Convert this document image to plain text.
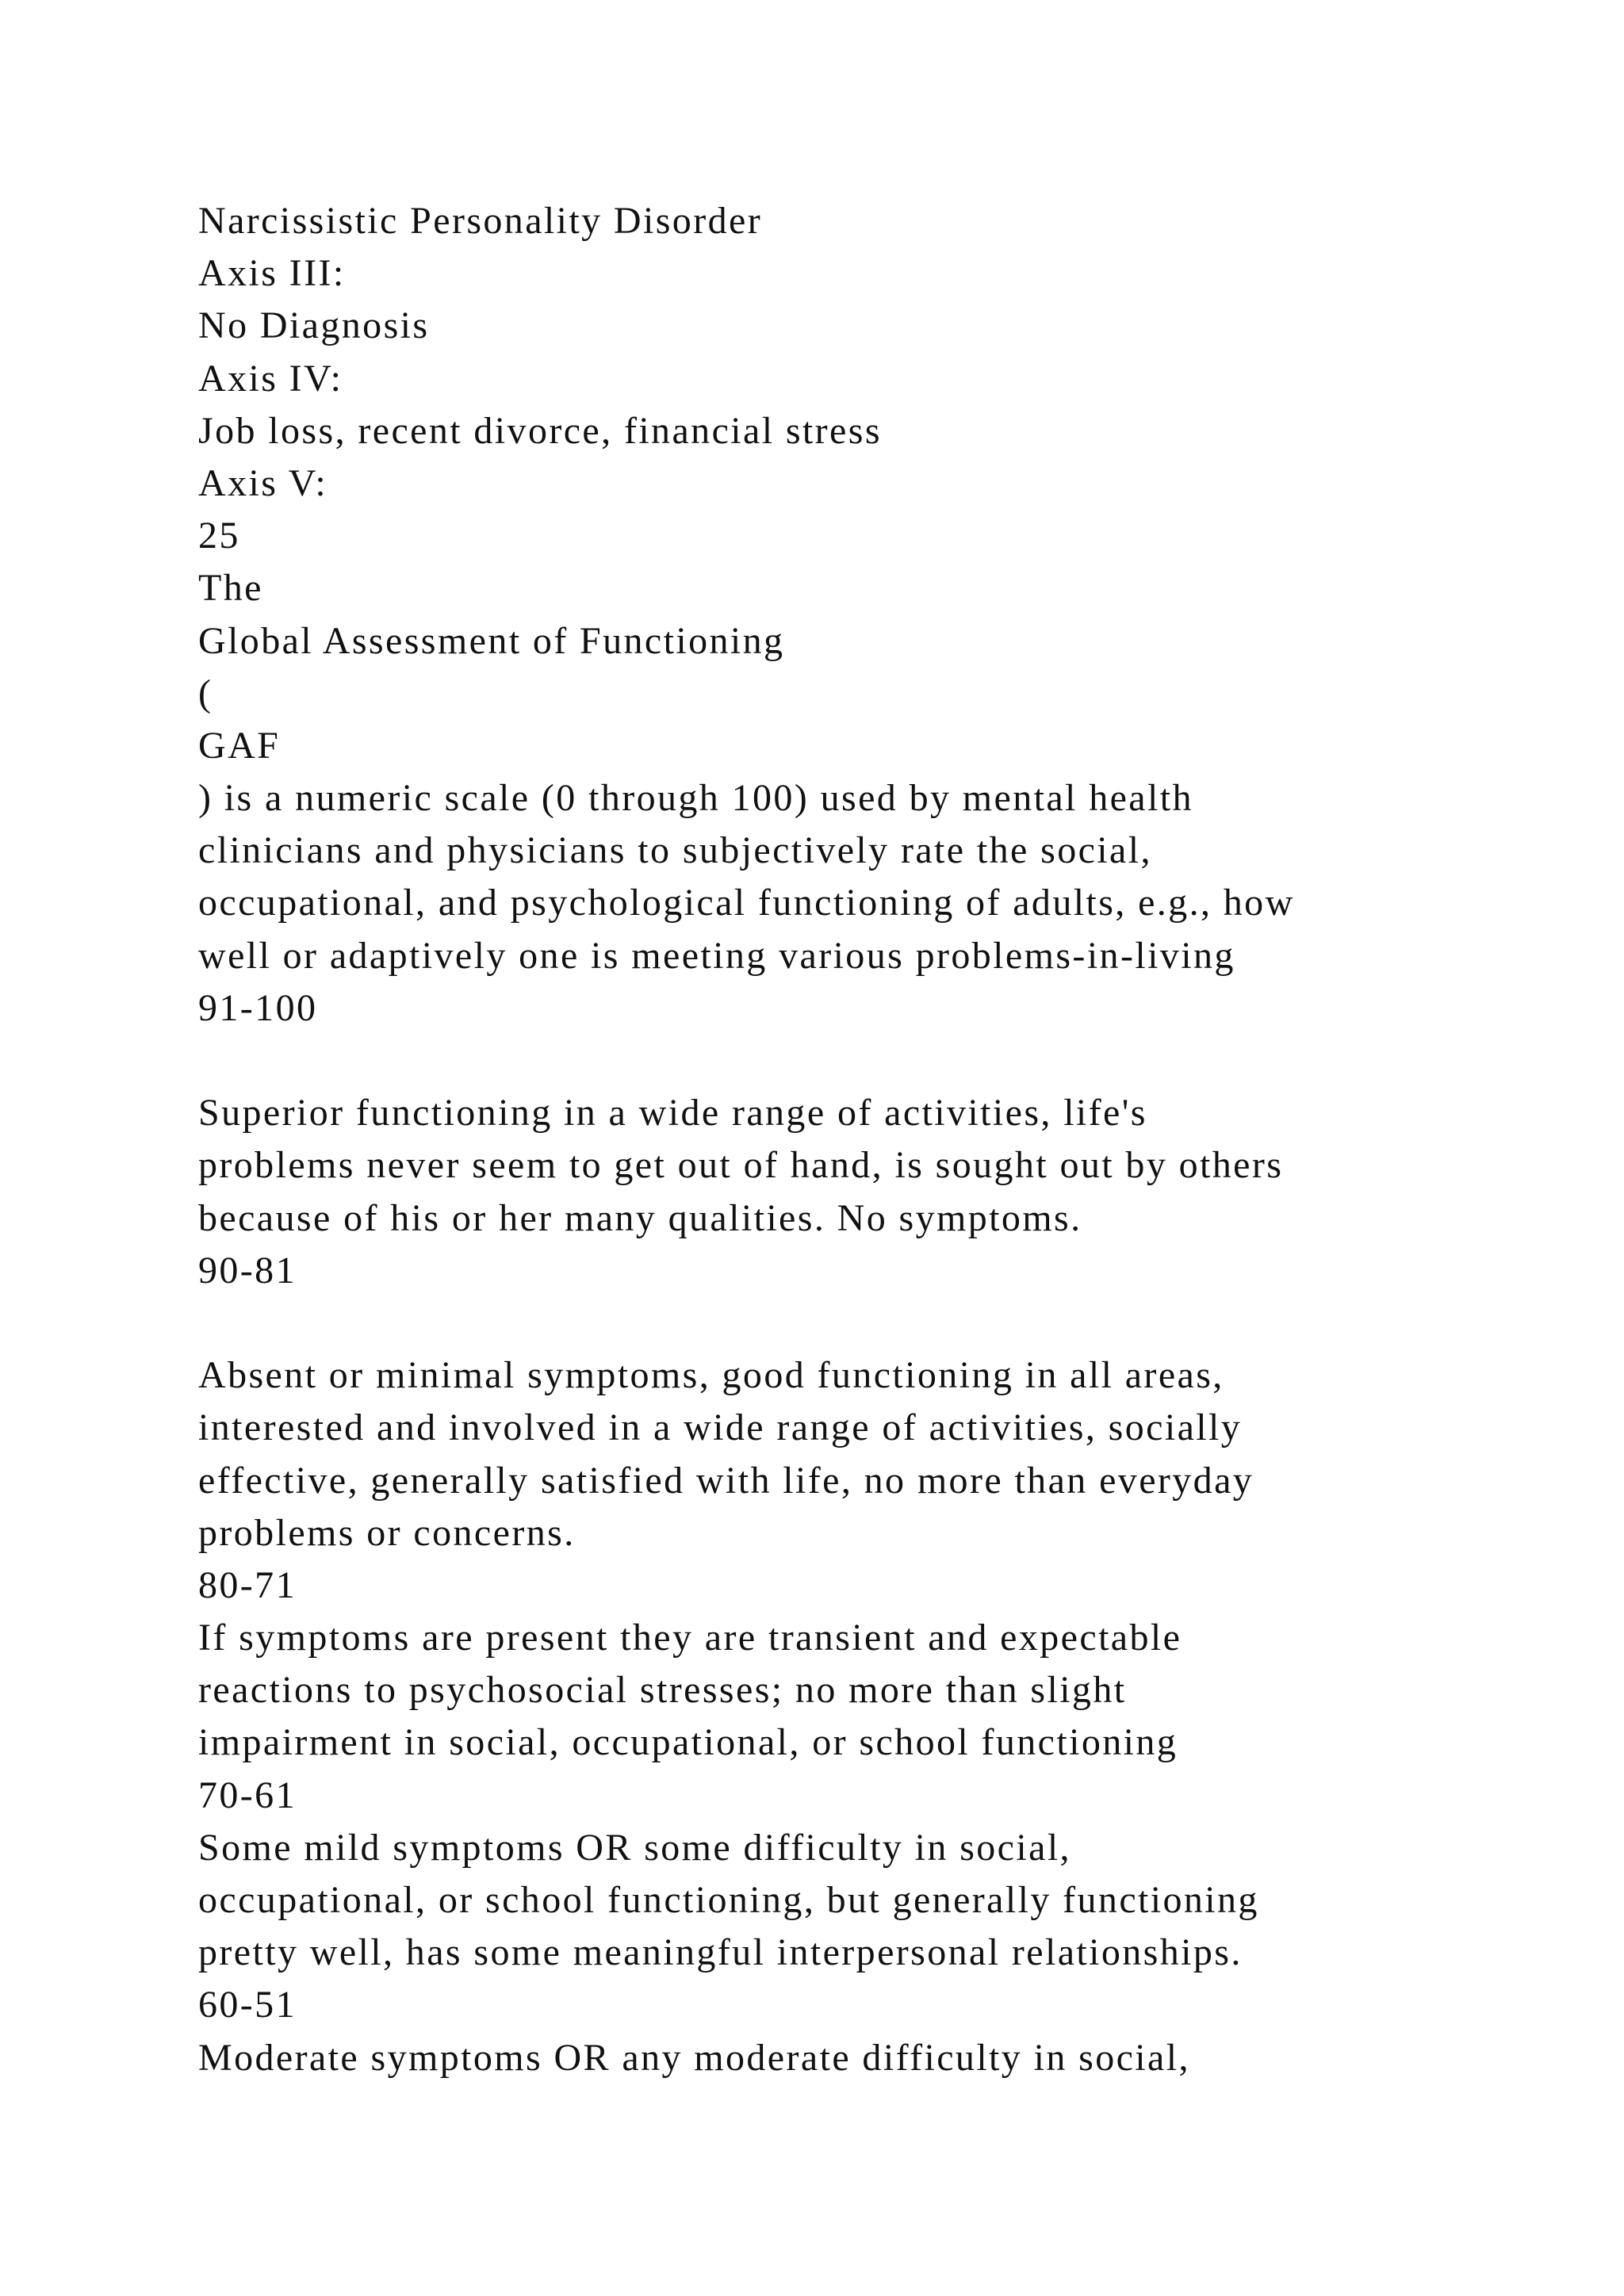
Narcissistic Personality Disorder
Axis III:
No Diagnosis
Axis IV:
Job loss, recent divorce, financial stress
Axis V:
25
The
Global Assessment of Functioning
(
GAF
) is a numeric scale (0 through 100) used by mental health
clinicians and physicians to subjectively rate the social,
occupational, and psychological functioning of adults, e.g., how
well or adaptively one is meeting various problems-in-living
91-100
Superior functioning in a wide range of activities, life's
problems never seem to get out of hand, is sought out by others
because of his or her many qualities. No symptoms.
90-81
Absent or minimal symptoms, good functioning in all areas,
interested and involved in a wide range of activities, socially
effective, generally satisfied with life, no more than everyday
problems or concerns.
80-71
If symptoms are present they are transient and expectable
reactions to psychosocial stresses; no more than slight
impairment in social, occupational, or school functioning
70-61
Some mild symptoms OR some difficulty in social,
occupational, or school functioning, but generally functioning
pretty well, has some meaningful interpersonal relationships.
60-51
Moderate symptoms OR any moderate difficulty in social,
